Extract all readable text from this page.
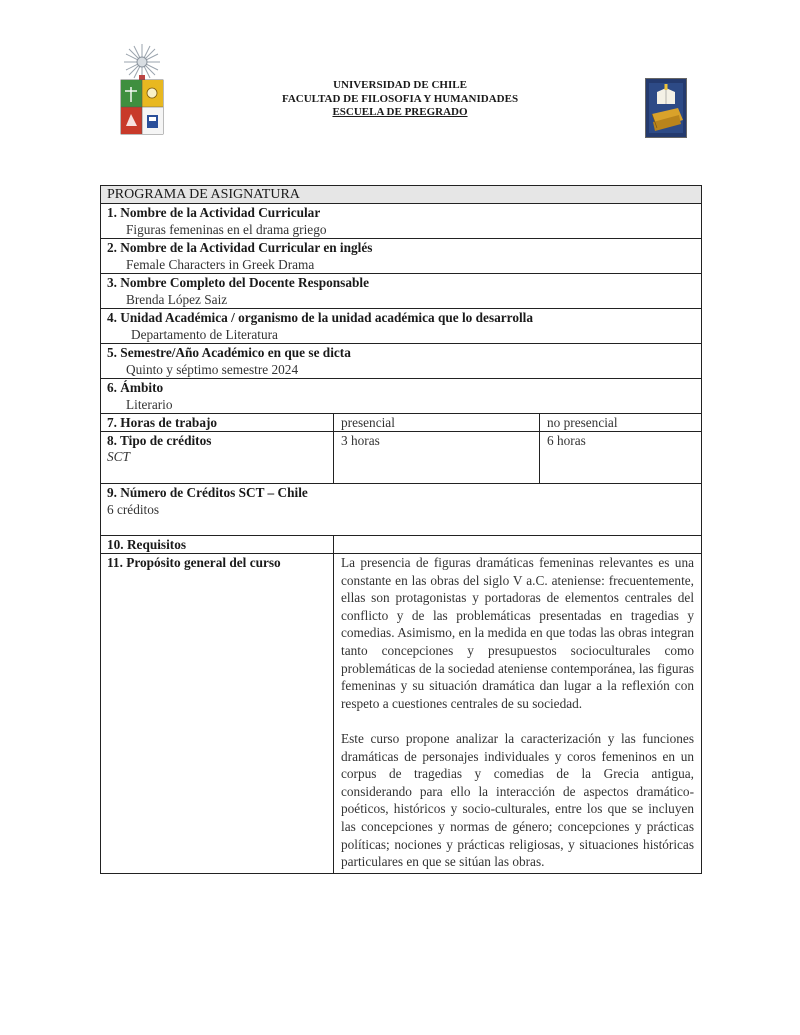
UNIVERSIDAD DE CHILE
FACULTAD DE FILOSOFIA Y HUMANIDADES
ESCUELA DE PREGRADO
PROGRAMA DE ASIGNATURA		

1. Nombre de la Actividad Curricular
Figuras femeninas en el drama griego		

2. Nombre de la Actividad Curricular en inglés
Female Characters in Greek Drama		

3. Nombre Completo del Docente Responsable
Brenda López Saiz		

4. Unidad Académica / organismo de la unidad académica que lo desarrolla
Departamento de Literatura		

5. Semestre/Año Académico en que se dicta
Quinto y séptimo semestre 2024		

6. Ámbito
Literario		

7. Horas de trabajo	presencial	no presencial

8. Tipo de créditos
SCT	3 horas	6 horas

9. Número de Créditos SCT – Chile
6 créditos		

10. Requisitos		

11. Propósito general del curso	La presencia de figuras dramáticas femeninas relevantes es una constante en las obras del siglo V a.C. ateniense: frecuentemente, ellas son protagonistas y portadoras de elementos centrales del conflicto y de las problemáticas presentadas en tragedias y comedias. Asimismo, en la medida en que todas las obras integran tanto concepciones y presupuestos socioculturales como problemáticas de la sociedad ateniense contemporánea, las figuras femeninas y su situación dramática dan lugar a la reflexión con respeto a cuestiones centrales de su sociedad.

Este curso propone analizar la caracterización y las funciones dramáticas de personajes individuales y coros femeninos en un corpus de tragedias y comedias de la Grecia antigua, considerando para ello la interacción de aspectos dramático-poéticos, históricos y socio-culturales, entre los que se incluyen las concepciones y normas de género; concepciones y prácticas políticas; nociones y prácticas religiosas, y situaciones históricas particulares en que se sitúan las obras.	
